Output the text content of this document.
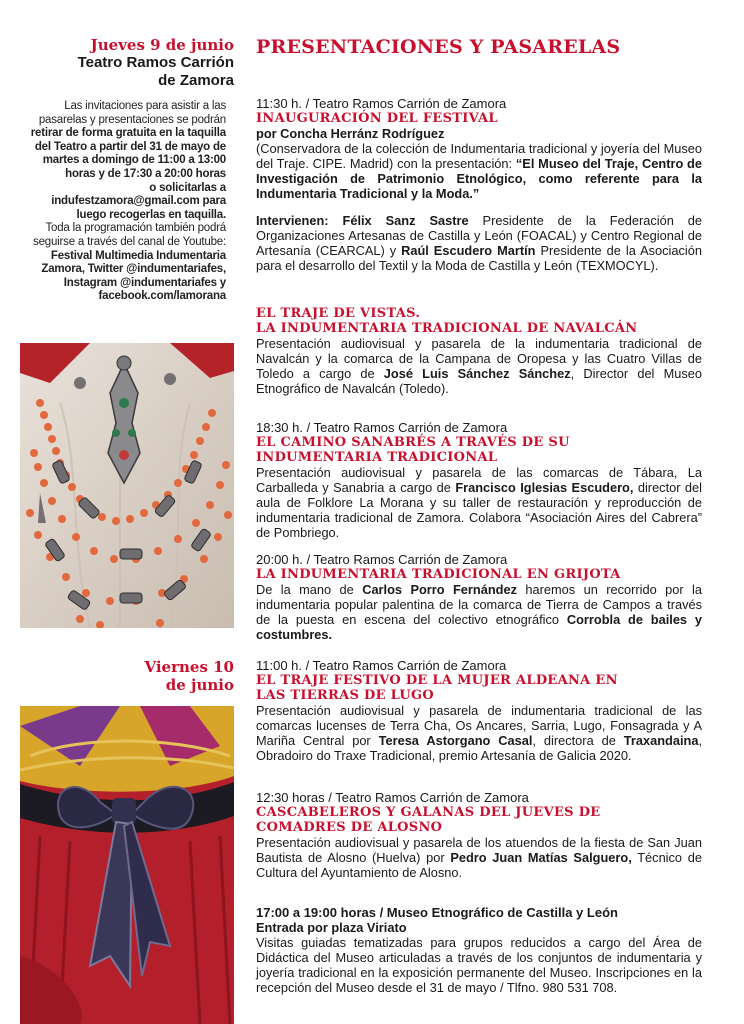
Jueves 9 de junio
Teatro Ramos Carrión
de Zamora
Las invitaciones para asistir a las
pasarelas y presentaciones se podrán
retirar de forma gratuita en la taquilla
del Teatro a partir del 31 de mayo de
martes a domingo de 11:00 a 13:00
horas y de 17:30 a 20:00 horas
o solicitarlas a
indufestzamora@gmail.com para
luego recogerlas en taquilla.
Toda la programación también podrá
seguirse a través del canal de Youtube:
Festival Multimedia Indumentaria
Zamora, Twitter @indumentariafes,
Instagram @indumentariafes y
facebook.com/lamorana
Viernes 10
de junio
PRESENTACIONES Y PASARELAS
11:30 h. / Teatro Ramos Carrión de Zamora
INAUGURACIÓN DEL FESTIVAL
por Concha Herránz Rodríguez

(Conservadora de la colección de Indumentaria tradicional y joyería del Museo del Traje. CIPE. Madrid) con la presentación: “El Museo del Traje, Centro de Investigación de Patrimonio Etnológico, como referente para la Indumentaria Tradicional y la Moda.”

Intervienen: Félix Sanz Sastre Presidente de la Federación de Organizaciones Artesanas de Castilla y León (FOACAL) y Centro Regional de Artesanía (CEARCAL) y Raúl Escudero Martín Presidente de la Asociación para el desarrollo del Textil y la Moda de Castilla y León (TEXMOCYL).

EL TRAJE DE VISTAS.
LA INDUMENTARIA TRADICIONAL DE NAVALCÁN

Presentación audiovisual y pasarela de la indumentaria tradicional de Navalcán y la comarca de la Campana de Oropesa y las Cuatro Villas de Toledo a cargo de José Luis Sánchez Sánchez, Director del Museo Etnográfico de Navalcán (Toledo).

18:30 h. / Teatro Ramos Carrión de Zamora
EL CAMINO SANABRÉS A TRAVÉS DE SU
INDUMENTARIA TRADICIONAL

Presentación audiovisual y pasarela de las comarcas de Tábara, La Carballeda y Sanabria a cargo de Francisco Iglesias Escudero, director del aula de Folklore La Morana y su taller de restauración y reproducción de indumentaria tradicional de Zamora. Colabora “Asociación Aires del Cabrera” de Pombriego.

20:00 h. / Teatro Ramos Carrión de Zamora
LA INDUMENTARIA TRADICIONAL EN GRIJOTA

De la mano de Carlos Porro Fernández haremos un recorrido por la indumentaria popular palentina de la comarca de Tierra de Campos a través de la puesta en escena del colectivo etnográfico Corrobla de bailes y costumbres.

11:00 h. / Teatro Ramos Carrión de Zamora
EL TRAJE FESTIVO DE LA MUJER ALDEANA EN
LAS TIERRAS DE LUGO

Presentación audiovisual y pasarela de indumentaria tradicional de las comarcas lucenses de Terra Cha, Os Ancares, Sarria, Lugo, Fonsagrada y A Mariña Central por Teresa Astorgano Casal, directora de Traxandaina, Obradoiro do Traxe Tradicional, premio Artesanía de Galicia 2020.

12:30 horas / Teatro Ramos Carrión de Zamora
CASCABELEROS Y GALANAS DEL JUEVES DE
COMADRES DE ALOSNO

Presentación audiovisual y pasarela de los atuendos de la fiesta de San Juan Bautista de Alosno (Huelva) por Pedro Juan Matías Salguero, Técnico de Cultura del Ayuntamiento de Alosno.

17:00 a 19:00 horas / Museo Etnográfico de Castilla y León
Entrada por plaza Viriato

Visitas guiadas tematizadas para grupos reducidos a cargo del Área de Didáctica del Museo articuladas a través de los conjuntos de indumentaria y joyería tradicional en la exposición permanente del Museo. Inscripciones en la recepción del Museo desde el 31 de mayo / Tlfno. 980 531 708.
